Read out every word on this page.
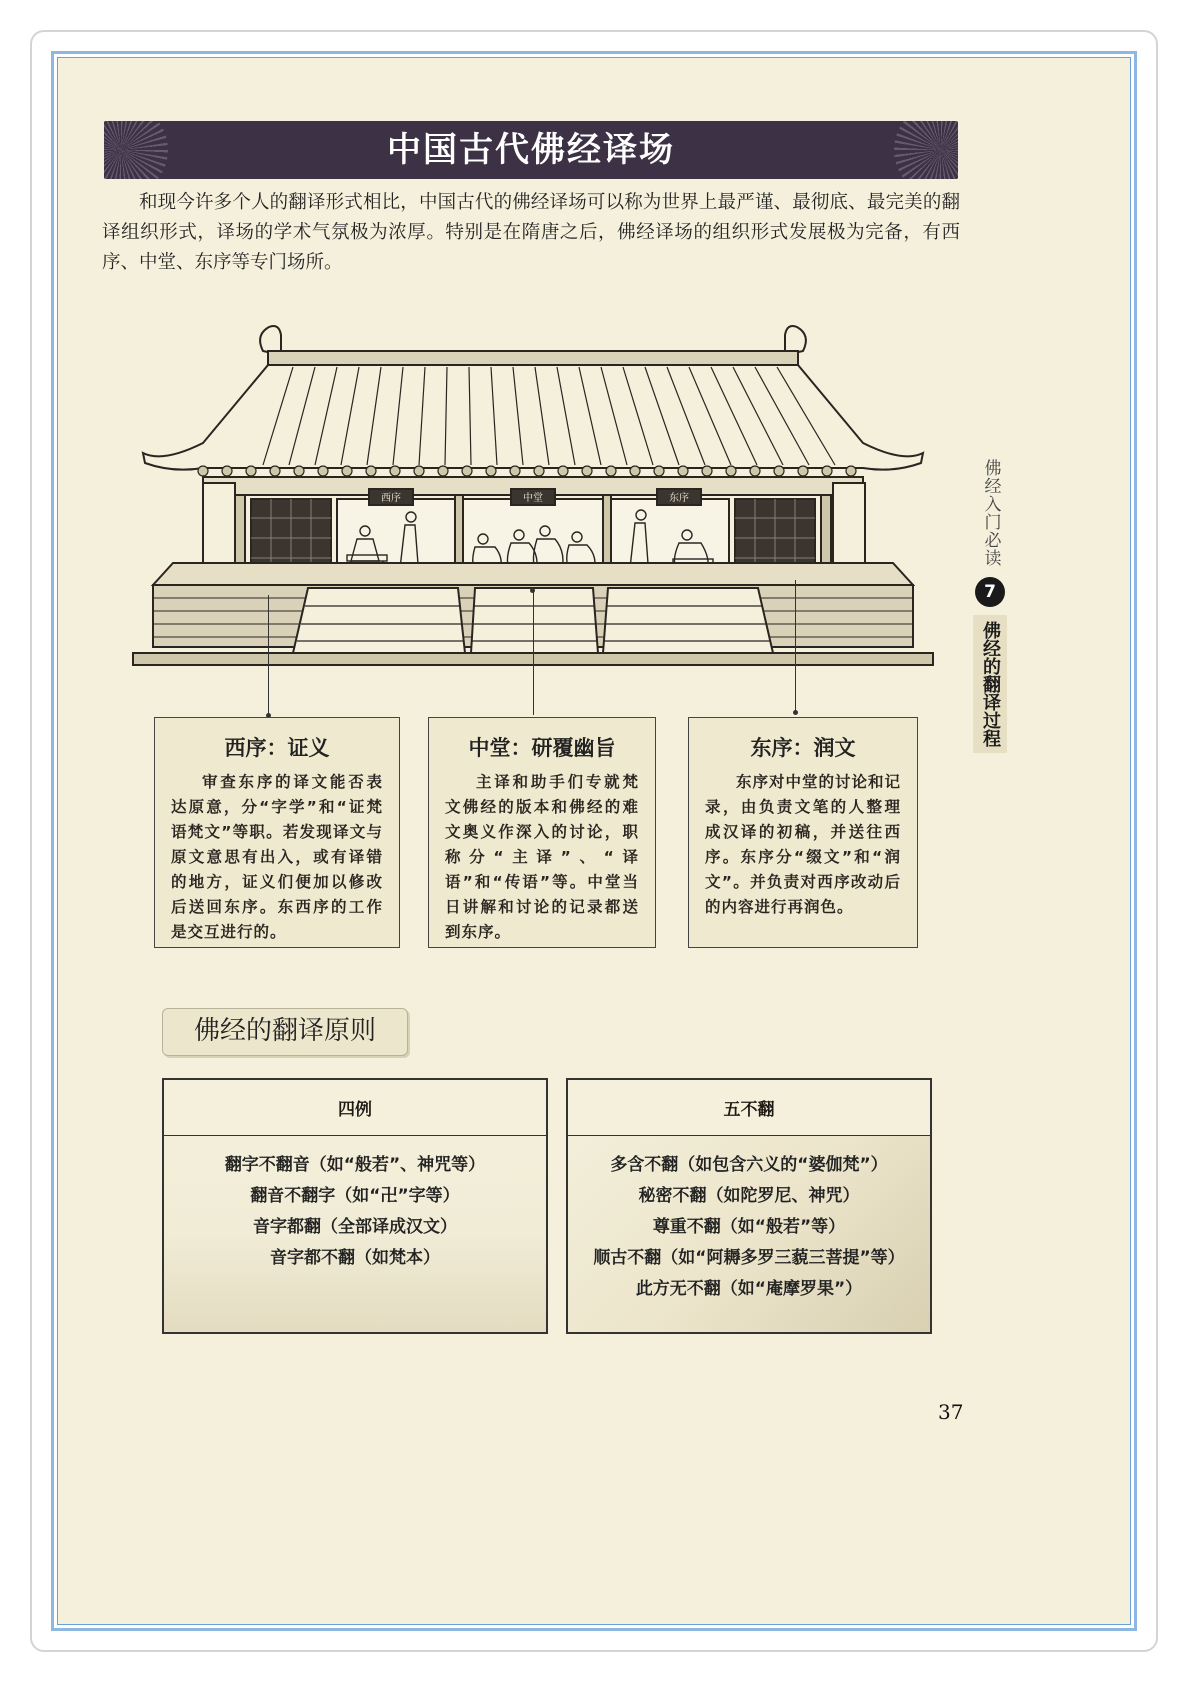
中国古代佛经译场

和现今许多个人的翻译形式相比，中国古代的佛经译场可以称为世界上最严谨、最彻底、最完美的翻译组织形式，译场的学术气氛极为浓厚。特别是在隋唐之后，佛经译场的组织形式发展极为完备，有西序、中堂、东序等专门场所。

西序	中堂	东序
西序：证义

审查东序的译文能否表达原意，分“字学”和“证梵语梵文”等职。若发现译文与原文意思有出入，或有译错的地方，证义们便加以修改后送回东序。东西序的工作是交互进行的。

中堂：研覆幽旨

主译和助手们专就梵文佛经的版本和佛经的难文奥义作深入的讨论，职称分“主译”、“译语”和“传语”等。中堂当日讲解和讨论的记录都送到东序。

东序：润文

东序对中堂的讨论和记录，由负责文笔的人整理成汉译的初稿，并送往西序。东序分“缀文”和“润文”。并负责对西序改动后的内容进行再润色。

佛经的翻译原则
四例
翻字不翻音（如“般若”、神咒等）
翻音不翻字（如“卍”字等）
音字都翻（全部译成汉文）
音字都不翻（如梵本）
五不翻
多含不翻（如包含六义的“婆伽梵”）
秘密不翻（如陀罗尼、神咒）
尊重不翻（如“般若”等）
顺古不翻（如“阿耨多罗三藐三菩提”等）
此方无不翻（如“庵摩罗果”）
佛经入门必读
7
佛经的翻译过程
37
